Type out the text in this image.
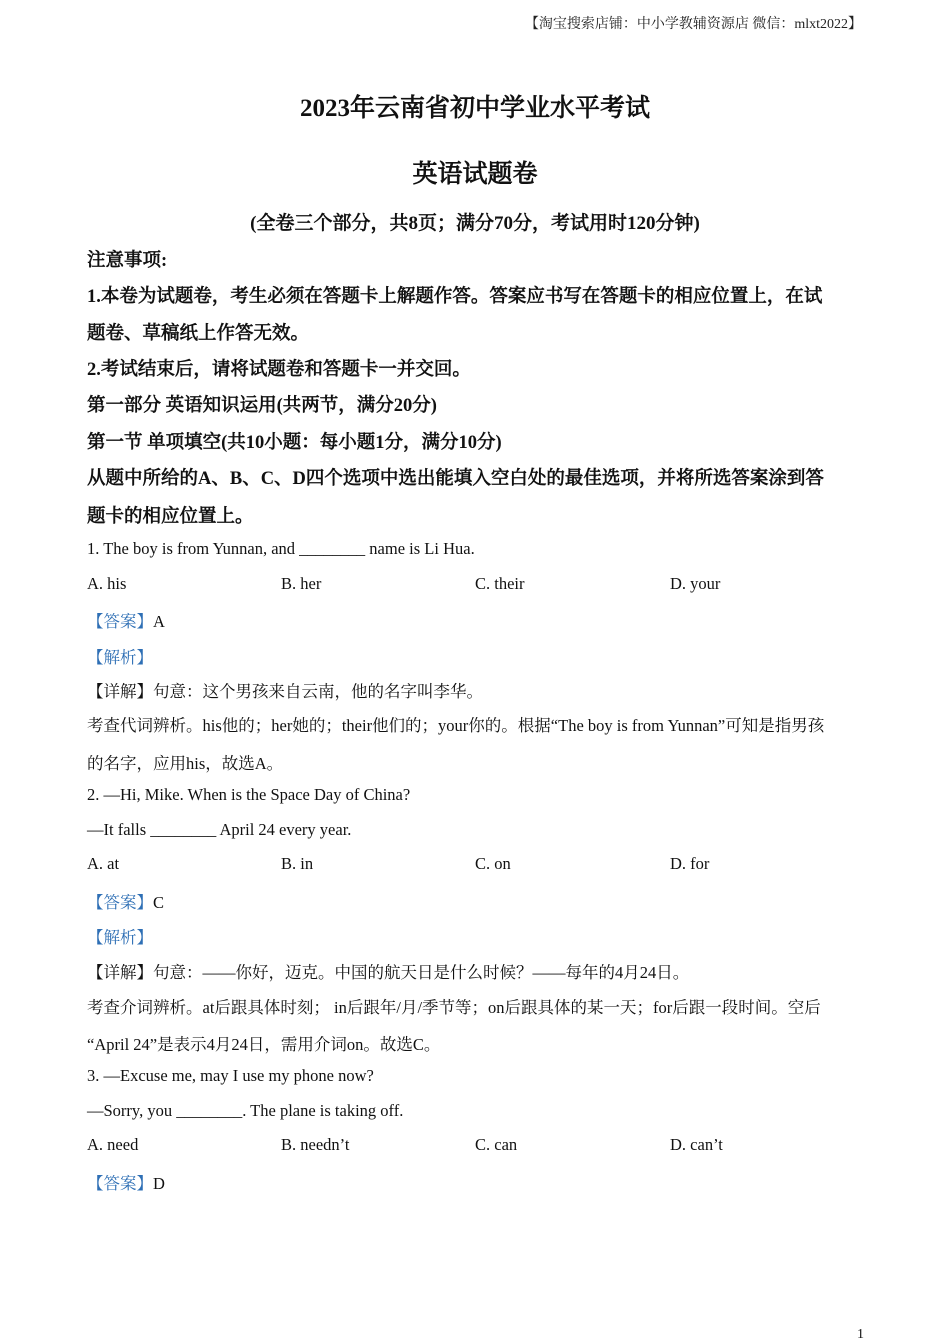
【淘宝搜索店铺：中小学教辅资源店 微信：mlxt2022】
2023年云南省初中学业水平考试
英语试题卷
(全卷三个部分，共8页；满分70分，考试用时120分钟)
注意事项:
1.本卷为试题卷，考生必须在答题卡上解题作答。答案应书写在答题卡的相应位置上，在试
题卷、草稿纸上作答无效。
2.考试结束后，请将试题卷和答题卡一并交回。
第一部分 英语知识运用(共两节，满分20分)
第一节 单项填空(共10小题：每小题1分，满分10分)
从题中所给的A、B、C、D四个选项中选出能填入空白处的最佳选项，并将所选答案涂到答
题卡的相应位置上。
1. The boy is from Yunnan, and ________ name is Li Hua.
A. his	B. her	C. their	D. your
【答案】A
【解析】
【详解】句意：这个男孩来自云南，他的名字叫李华。
考查代词辨析。his他的；her她的；their他们的；your你的。根据“The boy is from Yunnan”可知是指男孩
的名字，应用his，故选A。
2. —Hi, Mike. When is the Space Day of China?
—It falls ________ April 24 every year.
A. at	B. in	C. on	D. for
【答案】C
【解析】
【详解】句意：——你好，迈克。中国的航天日是什么时候？——每年的4月24日。
考查介词辨析。at后跟具体时刻； in后跟年/月/季节等；on后跟具体的某一天；for后跟一段时间。空后
“April 24”是表示4月24日，需用介词on。故选C。
3. —Excuse me, may I use my phone now?
—Sorry, you ________. The plane is taking off.
A. need	B. needn’t	C. can	D. can’t
【答案】D
1
